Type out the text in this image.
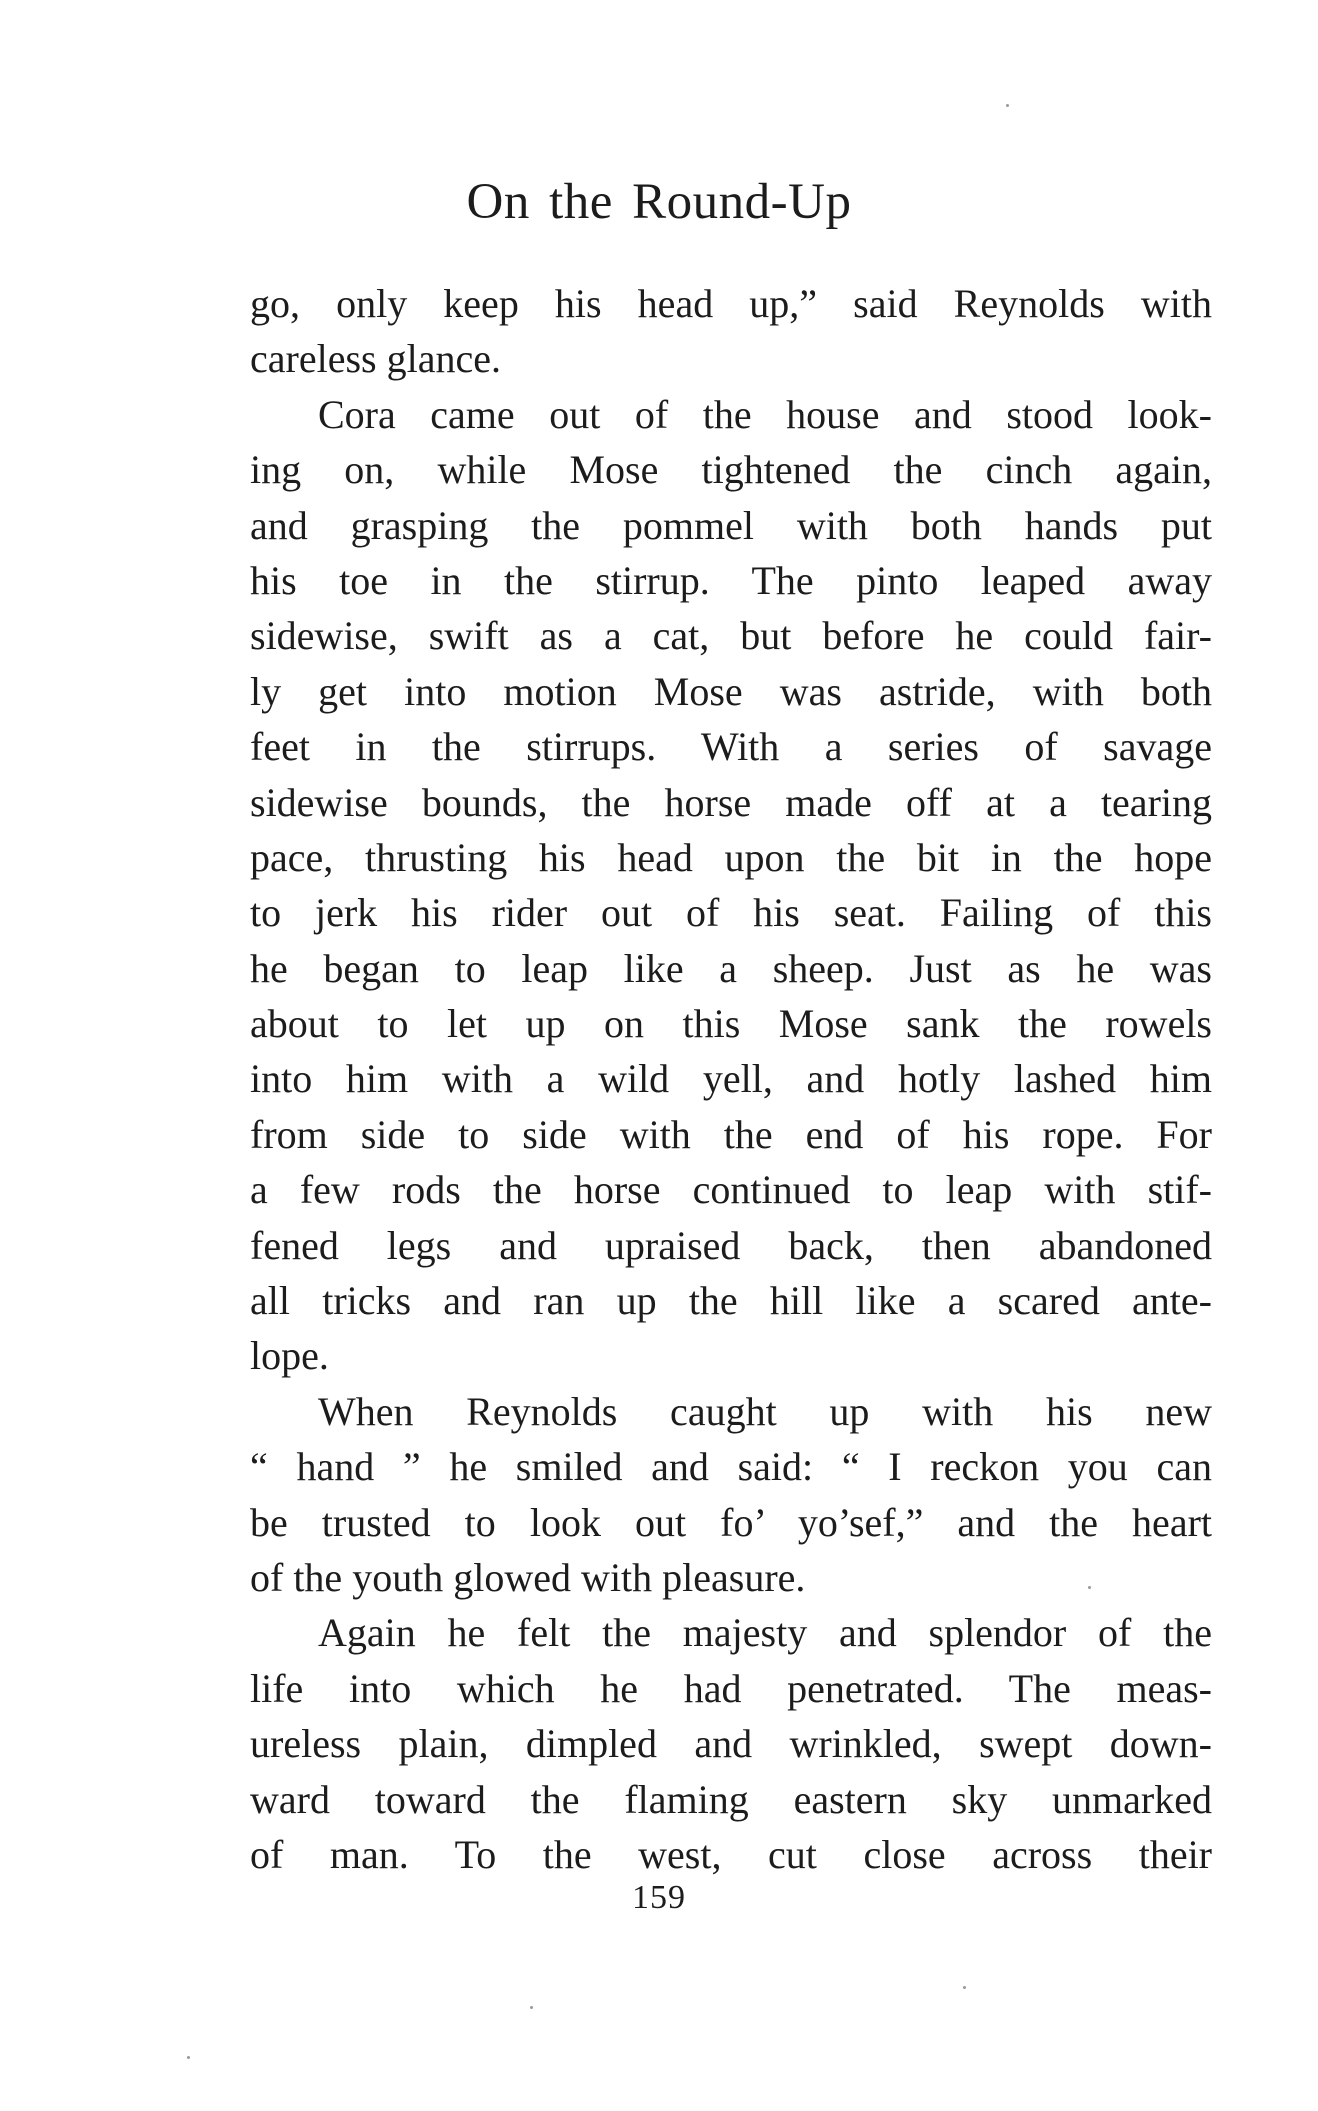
On the Round-Up
go, only keep his head up,” said Reynolds with
careless glance.
Cora came out of the house and stood look-
ing on, while Mose tightened the cinch again,
and grasping the pommel with both hands put
his toe in the stirrup. The pinto leaped away
sidewise, swift as a cat, but before he could fair-
ly get into motion Mose was astride, with both
feet in the stirrups. With a series of savage
sidewise bounds, the horse made off at a tearing
pace, thrusting his head upon the bit in the hope
to jerk his rider out of his seat. Failing of this
he began to leap like a sheep. Just as he was
about to let up on this Mose sank the rowels
into him with a wild yell, and hotly lashed him
from side to side with the end of his rope. For
a few rods the horse continued to leap with stif-
fened legs and upraised back, then abandoned
all tricks and ran up the hill like a scared ante-
lope.
When Reynolds caught up with his new
“ hand ” he smiled and said: “ I reckon you can
be trusted to look out fo’ yo’sef,” and the heart
of the youth glowed with pleasure.
Again he felt the majesty and splendor of the
life into which he had penetrated. The meas-
ureless plain, dimpled and wrinkled, swept down-
ward toward the flaming eastern sky unmarked
of man. To the west, cut close across their
159
